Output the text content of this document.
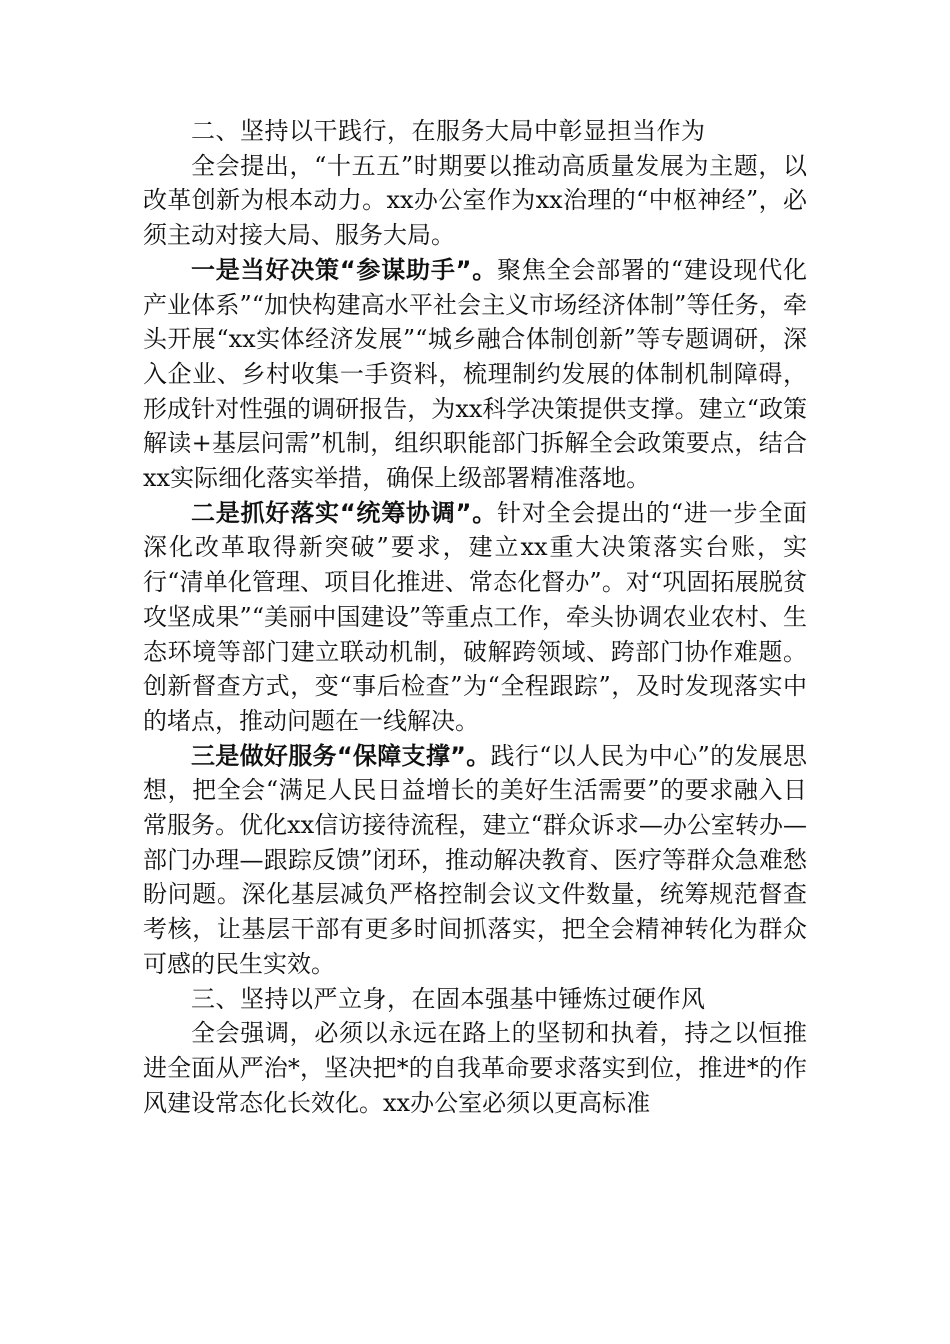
二、坚持以干践行，在服务大局中彰显担当作为

全会提出，“十五五”时期要以推动高质量发展为主题，以改革创新为根本动力。xx办公室作为xx治理的“中枢神经”，必须主动对接大局、服务大局。

一是当好决策“参谋助手”。聚焦全会部署的“建设现代化产业体系”“加快构建高水平社会主义市场经济体制”等任务，牵头开展“xx实体经济发展”“城乡融合体制创新”等专题调研，深入企业、乡村收集一手资料，梳理制约发展的体制机制障碍，形成针对性强的调研报告，为xx科学决策提供支撑。建立“政策解读+基层问需”机制，组织职能部门拆解全会政策要点，结合xx实际细化落实举措，确保上级部署精准落地。

二是抓好落实“统筹协调”。针对全会提出的“进一步全面深化改革取得新突破”要求，建立xx重大决策落实台账，实行“清单化管理、项目化推进、常态化督办”。对“巩固拓展脱贫攻坚成果”“美丽中国建设”等重点工作，牵头协调农业农村、生态环境等部门建立联动机制，破解跨领域、跨部门协作难题。创新督查方式，变“事后检查”为“全程跟踪”，及时发现落实中的堵点，推动问题在一线解决。

三是做好服务“保障支撑”。践行“以人民为中心”的发展思想，把全会“满足人民日益增长的美好生活需要”的要求融入日常服务。优化xx信访接待流程，建立“群众诉求—办公室转办—部门办理—跟踪反馈”闭环，推动解决教育、医疗等群众急难愁盼问题。深化基层减负严格控制会议文件数量，统筹规范督查考核，让基层干部有更多时间抓落实，把全会精神转化为群众可感的民生实效。

三、坚持以严立身，在固本强基中锤炼过硬作风

全会强调，必须以永远在路上的坚韧和执着，持之以恒推进全面从严治*，坚决把*的自我革命要求落实到位，推进*的作风建设常态化长效化。xx办公室必须以更高标准
